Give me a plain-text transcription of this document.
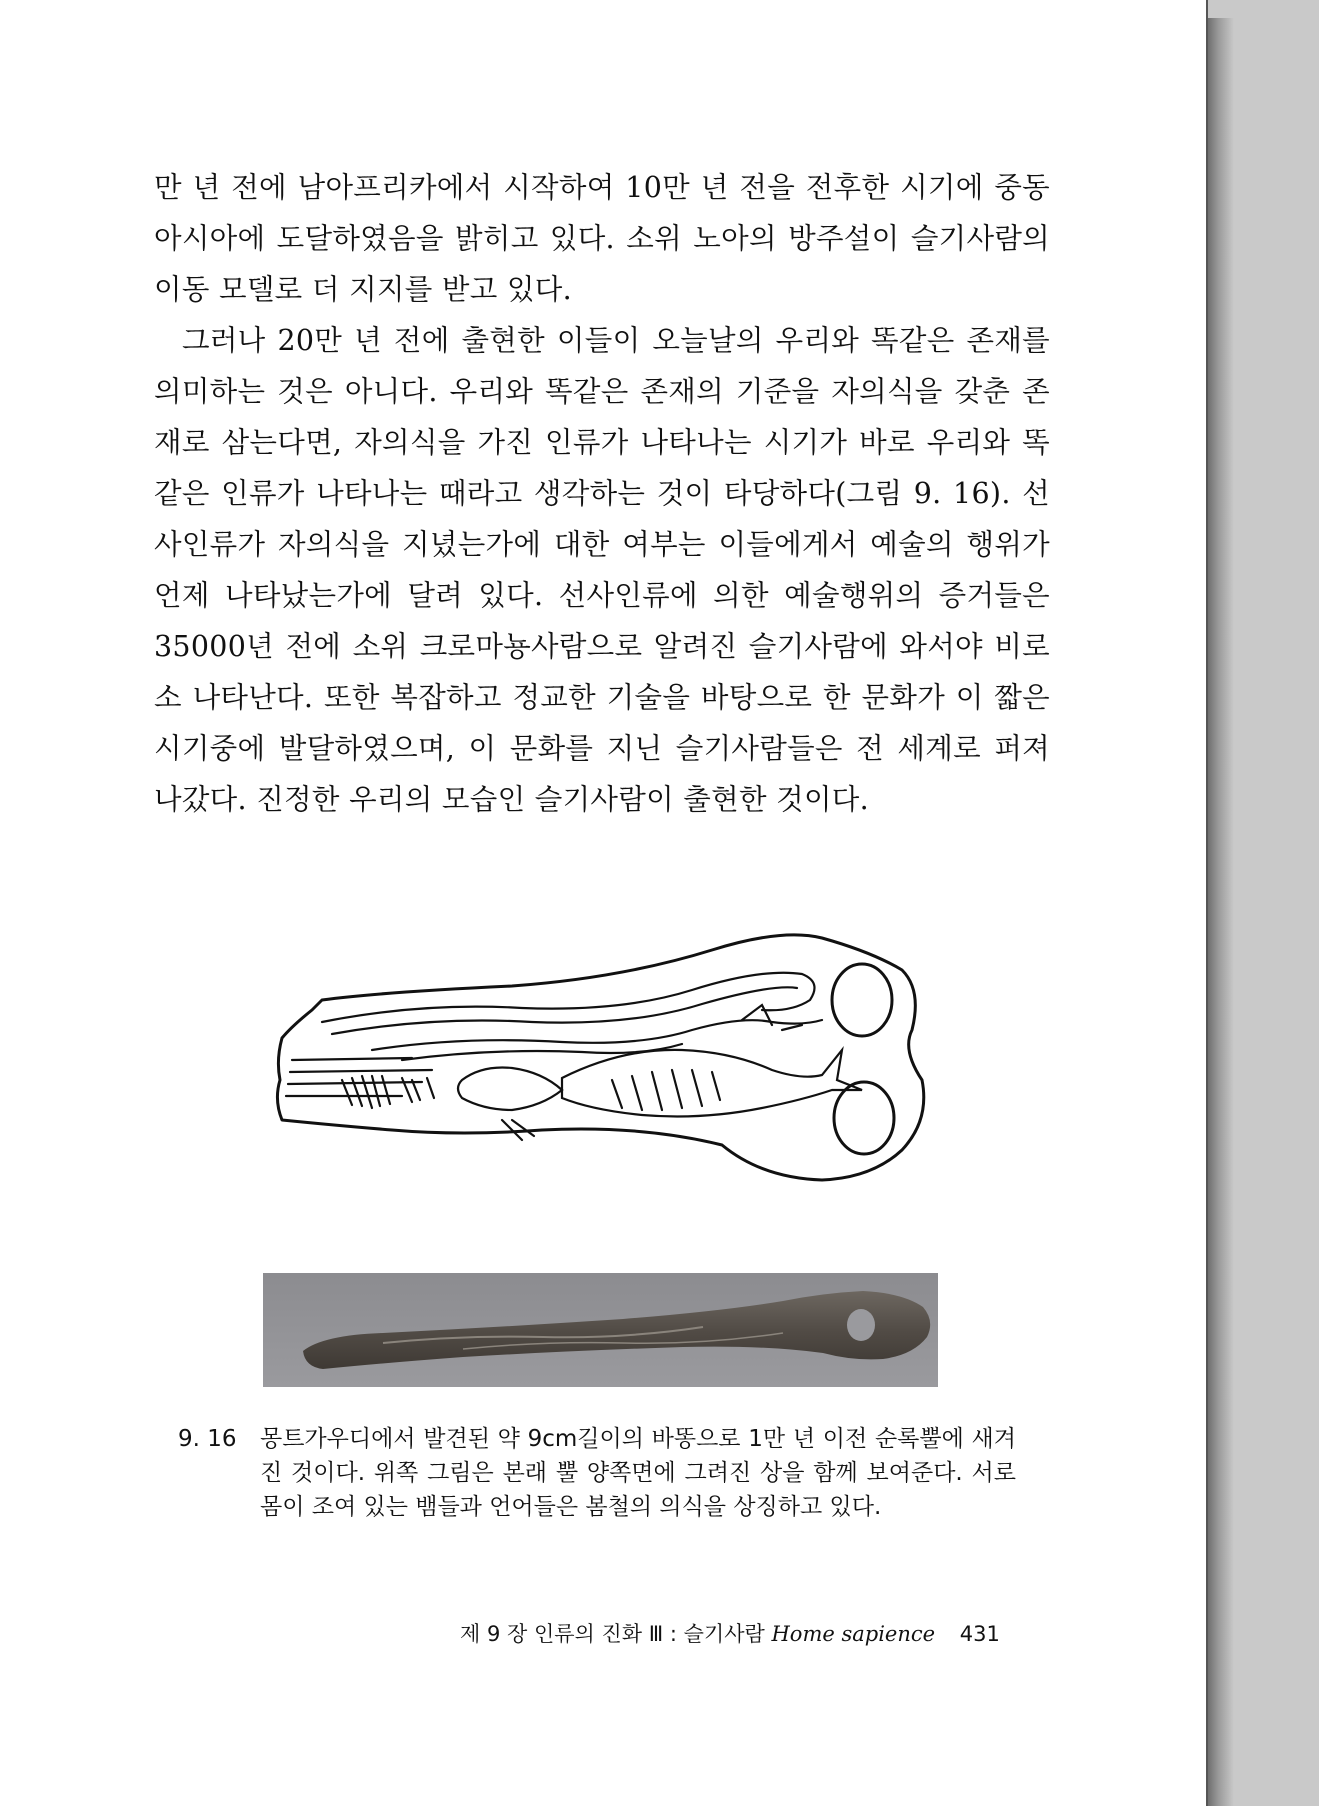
만 년 전에 남아프리카에서 시작하여 10만 년 전을 전후한 시기에 중동아시아에 도달하였음을 밝히고 있다. 소위 노아의 방주설이 슬기사람의 이동 모델로 더 지지를 받고 있다.

그러나 20만 년 전에 출현한 이들이 오늘날의 우리와 똑같은 존재를 의미하는 것은 아니다. 우리와 똑같은 존재의 기준을 자의식을 갖춘 존재로 삼는다면, 자의식을 가진 인류가 나타나는 시기가 바로 우리와 똑같은 인류가 나타나는 때라고 생각하는 것이 타당하다(그림 9. 16). 선사인류가 자의식을 지녔는가에 대한 여부는 이들에게서 예술의 행위가 언제 나타났는가에 달려 있다. 선사인류에 의한 예술행위의 증거들은 35000년 전에 소위 크로마뇽사람으로 알려진 슬기사람에 와서야 비로소 나타난다. 또한 복잡하고 정교한 기술을 바탕으로 한 문화가 이 짧은 시기중에 발달하였으며, 이 문화를 지닌 슬기사람들은 전 세계로 퍼져 나갔다. 진정한 우리의 모습인 슬기사람이 출현한 것이다.

9. 16	몽트가우디에서 발견된 약 9cm길이의 바똥으로 1만 년 이전 순록뿔에 새겨진 것이다. 위쪽 그림은 본래 뿔 양쪽면에 그려진 상을 함께 보여준다. 서로 몸이 조여 있는 뱀들과 언어들은 봄철의 의식을 상징하고 있다.
제 9 장 인류의 진화 Ⅲ : 슬기사람 Home sapience 431
